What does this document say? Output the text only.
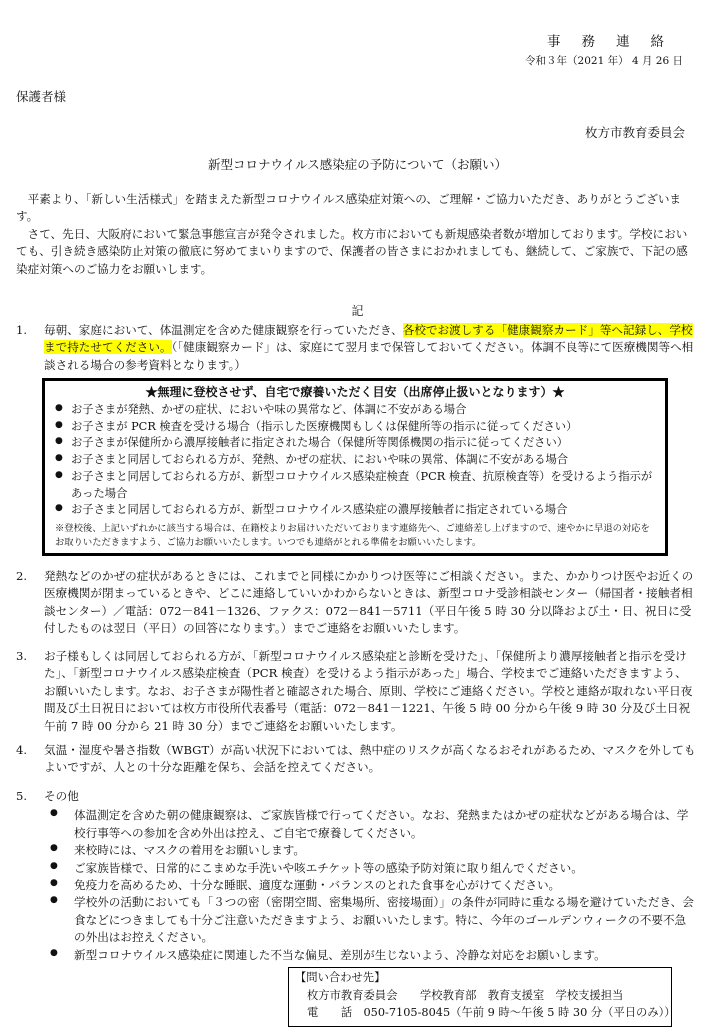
事務連絡
令和３年（2021 年） 4 月 26 日
保護者様
枚方市教育委員会
新型コロナウイルス感染症の予防について（お願い）

平素より、「新しい生活様式」を踏まえた新型コロナウイルス感染症対策への、ご理解・ご協力いただき、ありがとうございます。

さて、先日、大阪府において緊急事態宣言が発令されました。枚方市においても新規感染者数が増加しております。学校においても、引き続き感染防止対策の徹底に努めてまいりますので、保護者の皆さまにおかれましても、継続して、ご家族で、下記の感染症対策へのご協力をお願いします。

記
1. 毎朝、家庭において、体温測定を含めた健康観察を行っていただき、各校でお渡しする「健康観察カード」等へ記録し、学校まで持たせてください。（「健康観察カード」は、家庭にて翌月まで保管しておいてください。体調不良等にて医療機関等へ相談される場合の参考資料となります。）
★無理に登校させず、自宅で療養いただく目安（出席停止扱いとなります）★
● お子さまが発熱、かぜの症状、においや味の異常など、体調に不安がある場合
● お子さまが PCR 検査を受ける場合（指示した医療機関もしくは保健所等の指示に従ってください）
● お子さまが保健所から濃厚接触者に指定された場合（保健所等関係機関の指示に従ってください）
● お子さまと同居しておられる方が、発熱、かぜの症状、においや味の異常、体調に不安がある場合
● お子さまと同居しておられる方が、新型コロナウイルス感染症検査（PCR 検査、抗原検査等）を受けるよう指示があった場合
● お子さまと同居しておられる方が、新型コロナウイルス感染症の濃厚接触者に指定されている場合
※登校後、上記いずれかに該当する場合は、在籍校よりお届けいただいております連絡先へ、ご連絡差し上げますので、速やかに早退の対応をお取りいただきますよう、ご協力お願いいたします。いつでも連絡がとれる準備をお願いいたします。
2. 発熱などのかぜの症状があるときには、これまでと同様にかかりつけ医等にご相談ください。また、かかりつけ医やお近くの医療機関が閉まっているときや、どこに連絡していいかわからないときは、新型コロナ受診相談センター（帰国者・接触者相談センター）／電話：072－841－1326、ファクス：072－841－5711（平日午後 5 時 30 分以降および土・日、祝日に受付したものは翌日（平日）の回答になります。）までご連絡をお願いいたします。
3. お子様もしくは同居しておられる方が、「新型コロナウイルス感染症と診断を受けた」、「保健所より濃厚接触者と指示を受けた」、「新型コロナウイルス感染症検査（PCR 検査）を受けるよう指示があった」場合、学校までご連絡いただきますよう、お願いいたします。なお、お子さまが陽性者と確認された場合、原則、学校にご連絡ください。学校と連絡が取れない平日夜間及び土日祝日においては枚方市役所代表番号（電話：072－841－1221、午後 5 時 00 分から午後 9 時 30 分及び土日祝午前 7 時 00 分から 21 時 30 分）までご連絡をお願いいたします。
4. 気温・湿度や暑さ指数（WBGT）が高い状況下においては、熱中症のリスクが高くなるおそれがあるため、マスクを外してもよいですが、人との十分な距離を保ち、会話を控えてください。
5. その他
● 体温測定を含めた朝の健康観察は、ご家族皆様で行ってください。なお、発熱またはかぜの症状などがある場合は、学校行事等への参加を含め外出は控え、ご自宅で療養してください。
● 来校時には、マスクの着用をお願いします。
● ご家族皆様で、日常的にこまめな手洗いや咳エチケット等の感染予防対策に取り組んでください。
● 免疫力を高めるため、十分な睡眠、適度な運動・バランスのとれた食事を心がけてください。
● 学校外の活動においても「３つの密（密閉空間、密集場所、密接場面）」の条件が同時に重なる場を避けていただき、会食などにつきましても十分ご注意いただきますよう、お願いいたします。特に、今年のゴールデンウィークの不要不急の外出はお控えください。
● 新型コロナウイルス感染症に関連した不当な偏見、差別が生じないよう、冷静な対応をお願いします。
【問い合わせ先】
枚方市教育委員会　　学校教育部　教育支援室　学校支援担当
電　　話　050-7105-8045（午前 9 時～午後 5 時 30 分（平日のみ））
